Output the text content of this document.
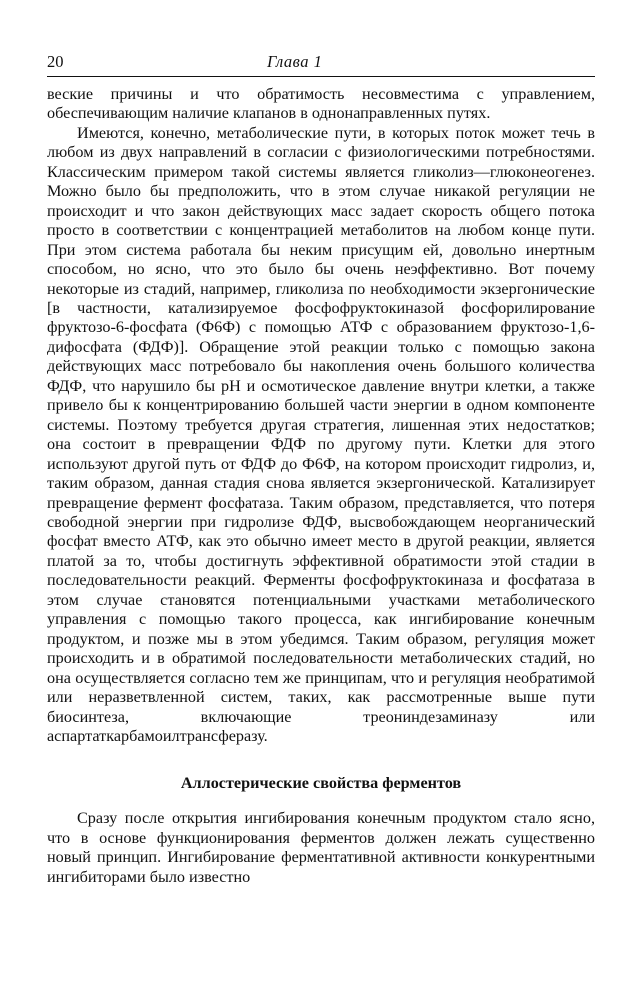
20	Глава 1

веские причины и что обратимость несовместима с управлением, обеспечивающим наличие клапанов в однонаправленных путях.

Имеются, конечно, метаболические пути, в которых поток может течь в любом из двух направлений в согласии с физиологическими потребностями. Классическим примером такой системы является гликолиз—глюконеогенез. Можно было бы предположить, что в этом случае никакой регуляции не происходит и что закон действующих масс задает скорость общего потока просто в соответствии с концентрацией метаболитов на любом конце пути. При этом система работала бы неким присущим ей, довольно инертным способом, но ясно, что это было бы очень неэффективно. Вот почему некоторые из стадий, например, гликолиза по необходимости экзергонические [в частности, катализируемое фосфофруктокиназой фосфорилирование фруктозо-6-фосфата (Ф6Ф) с помощью АТФ с образованием фруктозо-1,6-дифосфата (ФДФ)]. Обращение этой реакции только с помощью закона действующих масс потребовало бы накопления очень большого количества ФДФ, что нарушило бы рН и осмотическое давление внутри клетки, а также привело бы к концентрированию большей части энергии в одном компоненте системы. Поэтому требуется другая стратегия, лишенная этих недостатков; она состоит в превращении ФДФ по другому пути. Клетки для этого используют другой путь от ФДФ до Ф6Ф, на котором происходит гидролиз, и, таким образом, данная стадия снова является экзергонической. Катализирует превращение фермент фосфатаза. Таким образом, представляется, что потеря свободной энергии при гидролизе ФДФ, высвобождающем неорганический фосфат вместо АТФ, как это обычно имеет место в другой реакции, является платой за то, чтобы достигнуть эффективной обратимости этой стадии в последовательности реакций. Ферменты фосфофруктокиназа и фосфатаза в этом случае становятся потенциальными участками метаболического управления с помощью такого процесса, как ингибирование конечным продуктом, и позже мы в этом убедимся. Таким образом, регуляция может происходить и в обратимой последовательности метаболических стадий, но она осуществляется согласно тем же принципам, что и регуляция необратимой или неразветвленной систем, таких, как рассмотренные выше пути биосинтеза, включающие треониндезаминазу или аспартаткарбамоилтрансферазу.

Аллостерические свойства ферментов

Сразу после открытия ингибирования конечным продуктом стало ясно, что в основе функционирования ферментов должен лежать существенно новый принцип. Ингибирование ферментативной активности конкурентными ингибиторами было известно
